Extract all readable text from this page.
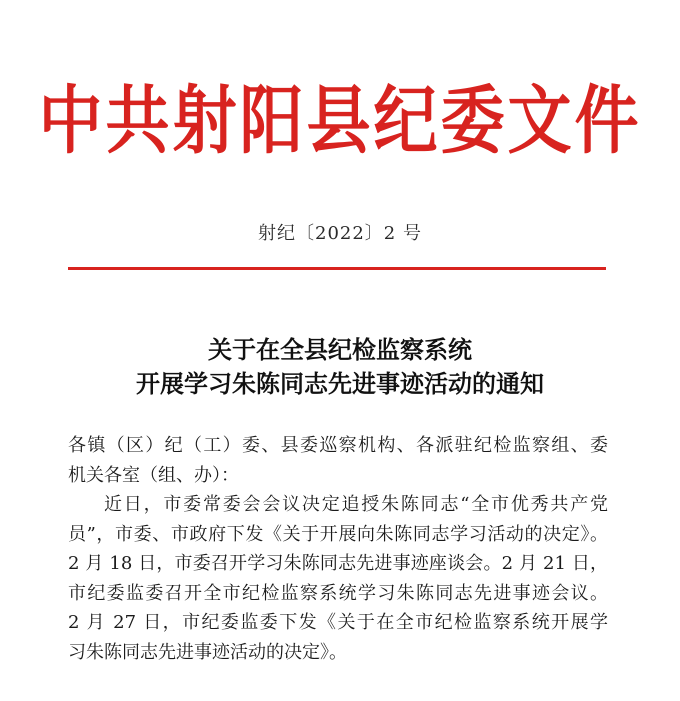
中共射阳县纪委文件
射纪〔2022〕2 号
关于在全县纪检监察系统
开展学习朱陈同志先进事迹活动的通知
各镇（区）纪（工）委、县委巡察机构、各派驻纪检监察组、委
机关各室（组、办）：
近日，市委常委会会议决定追授朱陈同志“全市优秀共产党
员”，市委、市政府下发《关于开展向朱陈同志学习活动的决定》。
2 月 18 日，市委召开学习朱陈同志先进事迹座谈会。2 月 21 日，
市纪委监委召开全市纪检监察系统学习朱陈同志先进事迹会议。
2 月 27 日，市纪委监委下发《关于在全市纪检监察系统开展学
习朱陈同志先进事迹活动的决定》。
